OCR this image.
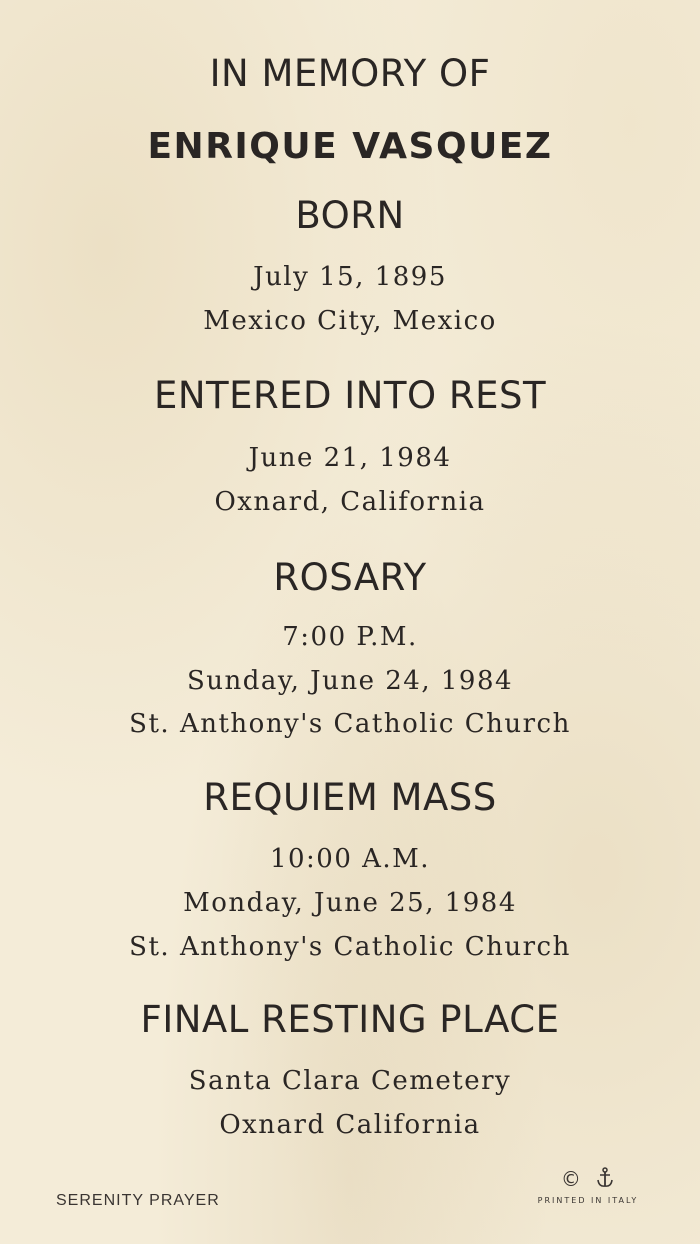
IN MEMORY OF

ENRIQUE VASQUEZ

BORN

July 15, 1895

Mexico City, Mexico

ENTERED INTO REST

June 21, 1984

Oxnard, California

ROSARY

7:00 P.M.

Sunday, June 24, 1984

St. Anthony's Catholic Church

REQUIEM MASS

10:00 A.M.

Monday, June 25, 1984

St. Anthony's Catholic Church

FINAL RESTING PLACE

Santa Clara Cemetery

Oxnard California

SERENITY PRAYER
©
PRINTED IN ITALY
